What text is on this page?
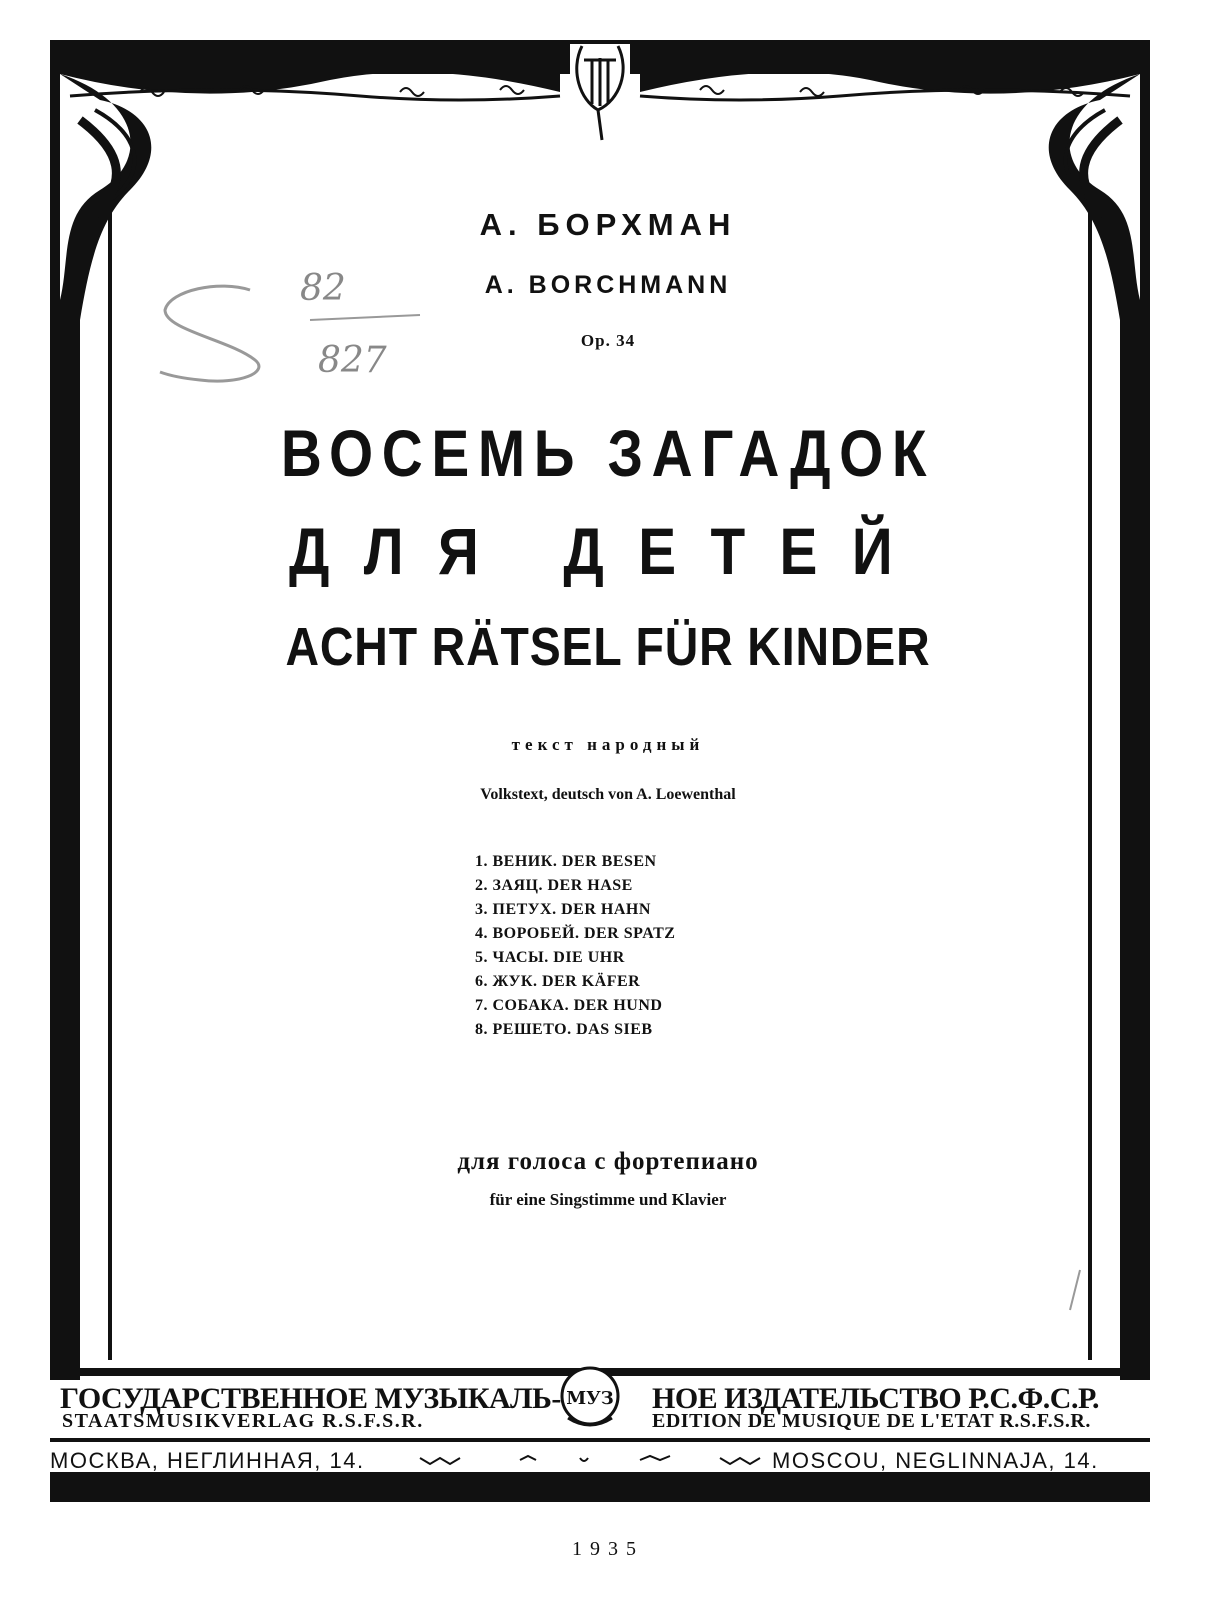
МУЗ
82
827
А. БОРХМАН
A. BORCHMANN
Op. 34
ВОСЕМЬ ЗАГАДОК
ДЛЯ ДЕТЕЙ
ACHT RÄTSEL FÜR KINDER
текст народный
Volkstext, deutsch von A. Loewenthal
1. ВЕНИК. DER BESEN
2. ЗАЯЦ. DER HASE
3. ПЕТУХ. DER HAHN
4. ВОРОБЕЙ. DER SPATZ
5. ЧАСЫ. DIE UHR
6. ЖУК. DER KÄFER
7. СОБАКА. DER HUND
8. РЕШЕТО. DAS SIEB
для голоса с фортепиано
für eine Singstimme und Klavier
ГОСУДАРСТВЕННОЕ МУЗЫКАЛЬ-	НОЕ ИЗДАТЕЛЬСТВО Р.С.Ф.С.Р.
STAATSMUSIKVERLAG R.S.F.S.R.	EDITION DE MUSIQUE DE L'ETAT R.S.F.S.R.
МОСКВА, НЕГЛИННАЯ, 14.	MOSCOU, NEGLINNAJA, 14.
1935
